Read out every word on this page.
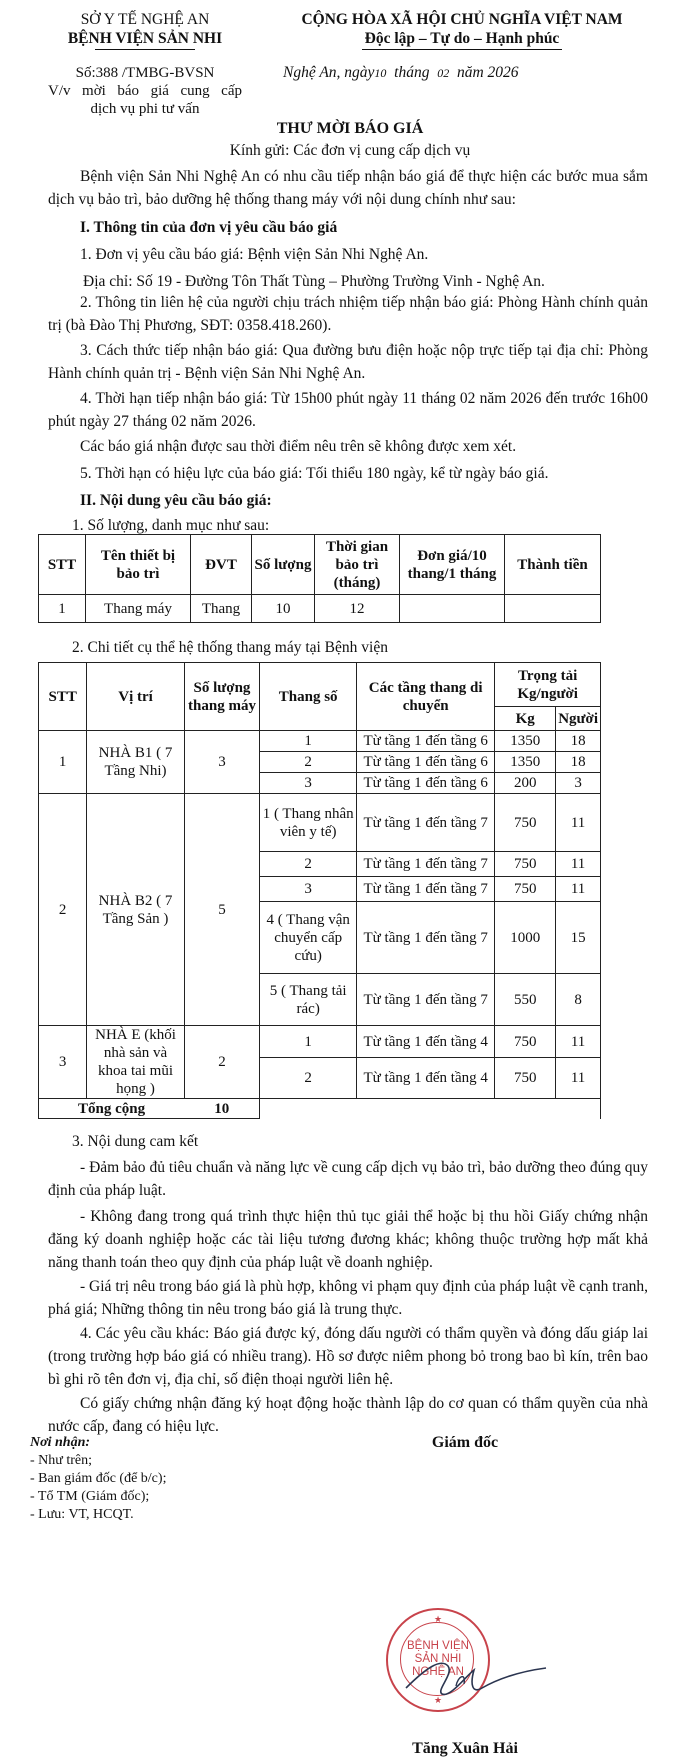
SỞ Y TẾ NGHỆ AN
BỆNH VIỆN SẢN NHI
CỘNG HÒA XÃ HỘI CHỦ NGHĨA VIỆT NAM
Độc lập – Tự do – Hạnh phúc
Số:388 /TMBG-BVSN
V/v mời báo giá cung cấp
dịch vụ phi tư vấn
Nghệ An, ngày10 tháng 02 năm 2026
THƯ MỜI BÁO GIÁ
Kính gửi: Các đơn vị cung cấp dịch vụ

Bệnh viện Sản Nhi Nghệ An có nhu cầu tiếp nhận báo giá để thực hiện các bước mua sắm dịch vụ bảo trì, bảo dưỡng hệ thống thang máy với nội dung chính như sau:

I. Thông tin của đơn vị yêu cầu báo giá

1. Đơn vị yêu cầu báo giá: Bệnh viện Sản Nhi Nghệ An.

Địa chỉ: Số 19 - Đường Tôn Thất Tùng – Phường Trường Vinh - Nghệ An.

2. Thông tin liên hệ của người chịu trách nhiệm tiếp nhận báo giá: Phòng Hành chính quản trị (bà Đào Thị Phương, SĐT: 0358.418.260).

3. Cách thức tiếp nhận báo giá: Qua đường bưu điện hoặc nộp trực tiếp tại địa chỉ: Phòng Hành chính quản trị - Bệnh viện Sản Nhi Nghệ An.

4. Thời hạn tiếp nhận báo giá: Từ 15h00 phút ngày 11 tháng 02 năm 2026 đến trước 16h00 phút ngày 27 tháng 02 năm 2026.

Các báo giá nhận được sau thời điểm nêu trên sẽ không được xem xét.

5. Thời hạn có hiệu lực của báo giá: Tối thiểu 180 ngày, kể từ ngày báo giá.

II. Nội dung yêu cầu báo giá:

1. Số lượng, danh mục như sau:

STT	Tên thiết bị bảo trì	ĐVT	Số lượng	Thời gian bảo trì (tháng)	Đơn giá/10 thang/1 tháng	Thành tiền
1	Thang máy	Thang	10	12		

2. Chi tiết cụ thể hệ thống thang máy tại Bệnh viện

STT	Vị trí	Số lượng thang máy	Thang số	Các tầng thang di chuyển	Trọng tải Kg/người	
					Kg	Người
1	NHÀ B1 ( 7 Tầng Nhi)	3	1	Từ tầng 1 đến tầng 6	1350	18
			2	Từ tầng 1 đến tầng 6	1350	18
			3	Từ tầng 1 đến tầng 6	200	3
2	NHÀ B2 ( 7 Tầng Sản )	5	1 ( Thang nhân viên y tế)	Từ tầng 1 đến tầng 7	750	11
			2	Từ tầng 1 đến tầng 7	750	11
			3	Từ tầng 1 đến tầng 7	750	11
			4 ( Thang vận chuyển cấp cứu)	Từ tầng 1 đến tầng 7	1000	15
			5 ( Thang tải rác)	Từ tầng 1 đến tầng 7	550	8
3	NHÀ E (khối nhà sản và khoa tai mũi họng )	2	1	Từ tầng 1 đến tầng 4	750	11
			2	Từ tầng 1 đến tầng 4	750	11
Tổng cộng		10				

3. Nội dung cam kết

- Đảm bảo đủ tiêu chuẩn và năng lực về cung cấp dịch vụ bảo trì, bảo dưỡng theo đúng quy định của pháp luật.

- Không đang trong quá trình thực hiện thủ tục giải thể hoặc bị thu hồi Giấy chứng nhận đăng ký doanh nghiệp hoặc các tài liệu tương đương khác; không thuộc trường hợp mất khả năng thanh toán theo quy định của pháp luật về doanh nghiệp.

- Giá trị nêu trong báo giá là phù hợp, không vi phạm quy định của pháp luật về cạnh tranh, phá giá; Những thông tin nêu trong báo giá là trung thực.

4. Các yêu cầu khác: Báo giá được ký, đóng dấu người có thẩm quyền và đóng dấu giáp lai (trong trường hợp báo giá có nhiều trang). Hồ sơ được niêm phong bỏ trong bao bì kín, trên bao bì ghi rõ tên đơn vị, địa chỉ, số điện thoại người liên hệ.

Có giấy chứng nhận đăng ký hoạt động hoặc thành lập do cơ quan có thẩm quyền của nhà nước cấp, đang có hiệu lực.

Nơi nhận:
- Như trên;
- Ban giám đốc (để b/c);
- Tổ TM (Giám đốc);
- Lưu: VT, HCQT.
Giám đốc
BỆNH VIỆN
SẢN NHI
NGHỆ AN
★
★
Tăng Xuân Hải
